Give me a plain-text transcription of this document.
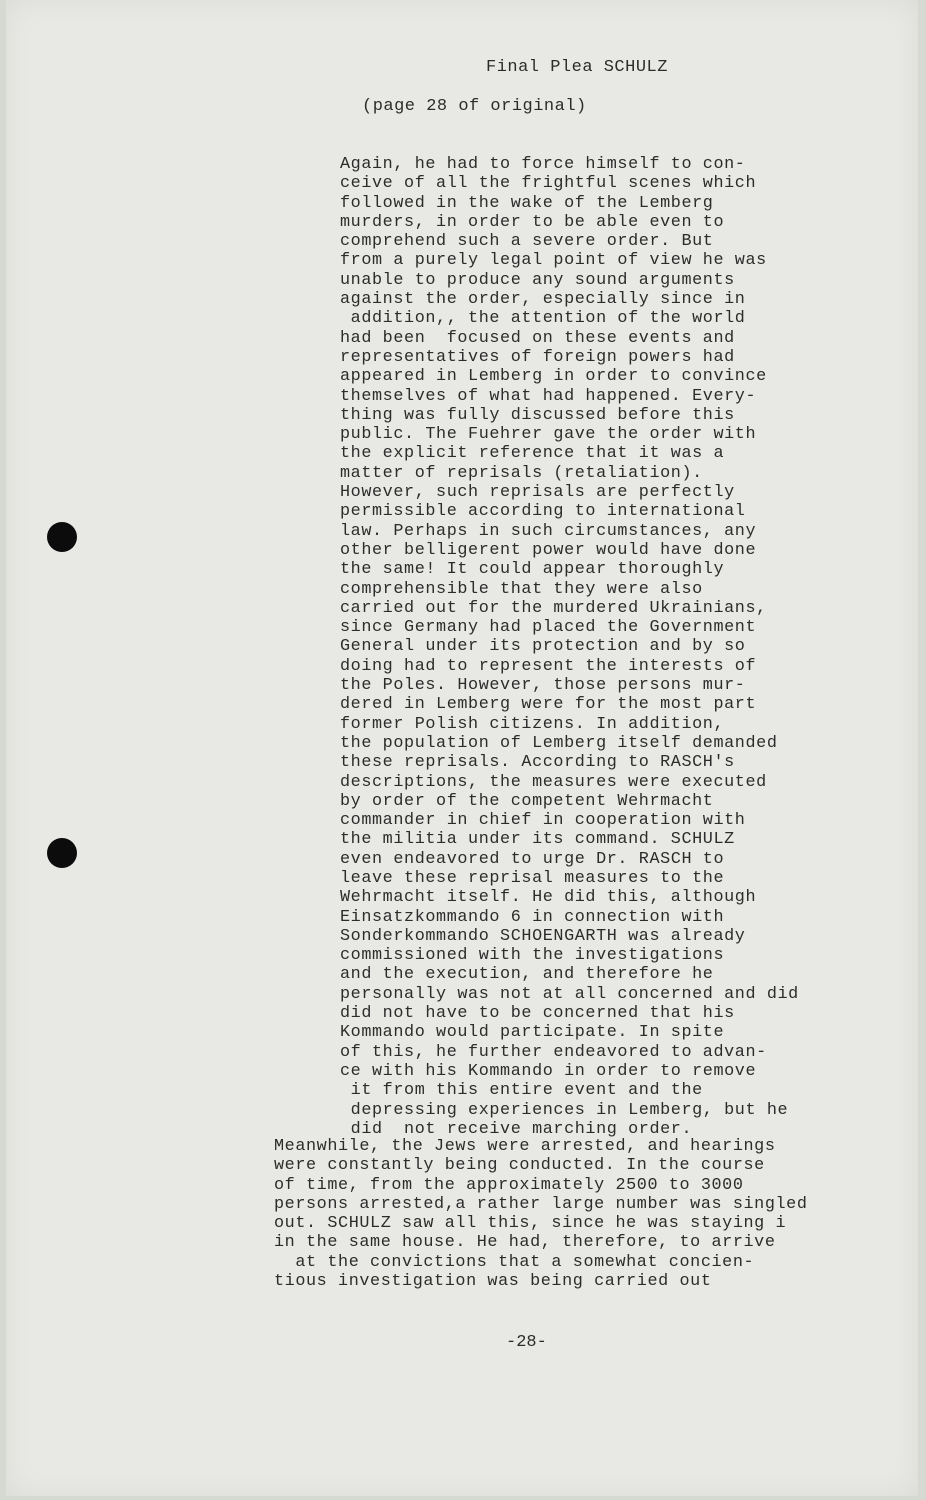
Final Plea SCHULZ
(page 28 of original)
Again, he had to force himself to con-
ceive of all the frightful scenes which
followed in the wake of the Lemberg
murders, in order to be able even to
comprehend such a severe order. But
from a purely legal point of view he was
unable to produce any sound arguments
against the order, especially since in
addition,, the attention of the world
had been  focused on these events and
representatives of foreign powers had
appeared in Lemberg in order to convince
themselves of what had happened. Every-
thing was fully discussed before this
public. The Fuehrer gave the order with
the explicit reference that it was a
matter of reprisals (retaliation).
However, such reprisals are perfectly
permissible according to international
law. Perhaps in such circumstances, any
other belligerent power would have done
the same! It could appear thoroughly
comprehensible that they were also
carried out for the murdered Ukrainians,
since Germany had placed the Government
General under its protection and by so
doing had to represent the interests of
the Poles. However, those persons mur-
dered in Lemberg were for the most part
former Polish citizens. In addition,
the population of Lemberg itself demanded
these reprisals. According to RASCH's
descriptions, the measures were executed
by order of the competent Wehrmacht
commander in chief in cooperation with
the militia under its command. SCHULZ
even endeavored to urge Dr. RASCH to
leave these reprisal measures to the
Wehrmacht itself. He did this, although
Einsatzkommando 6 in connection with
Sonderkommando SCHOENGARTH was already
commissioned with the investigations
and the execution, and therefore he
personally was not at all concerned and did
did not have to be concerned that his
Kommando would participate. In spite
of this, he further endeavored to advan-
ce with his Kommando in order to remove
it from this entire event and the
depressing experiences in Lemberg, but he
did  not receive marching order.
Meanwhile, the Jews were arrested, and hearings
were constantly being conducted. In the course
of time, from the approximately 2500 to 3000
persons arrested,a rather large number was singled
out. SCHULZ saw all this, since he was staying i
in the same house. He had, therefore, to arrive
at the convictions that a somewhat concien-
tious investigation was being carried out
-28-
